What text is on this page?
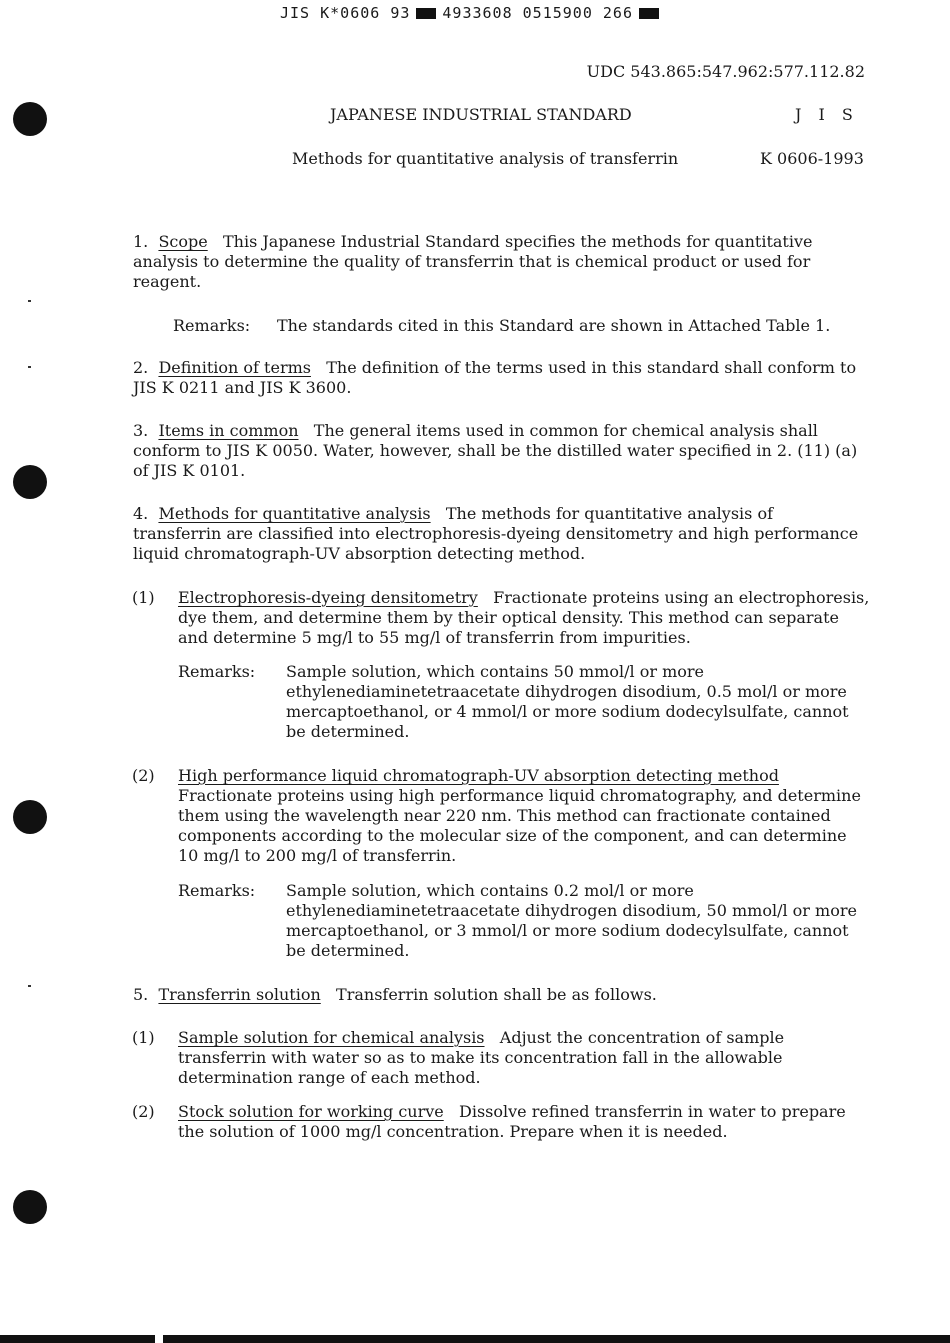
JIS K*0606 93 4933608 0515900 266
UDC 543.865:547.962:577.112.82
JAPANESE INDUSTRIAL STANDARD	J I S
Methods for quantitative analysis of transferrin	K 0606-1993

1. Scope This Japanese Industrial Standard specifies the methods for quantitative analysis to determine the quality of transferrin that is chemical product or used for reagent.

Remarks: The standards cited in this Standard are shown in Attached Table 1.

2. Definition of terms The definition of the terms used in this standard shall conform to JIS K 0211 and JIS K 3600.

3. Items in common The general items used in common for chemical analysis shall conform to JIS K 0050. Water, however, shall be the distilled water specified in 2. (11) (a) of JIS K 0101.

4. Methods for quantitative analysis The methods for quantitative analysis of transferrin are classified into electrophoresis-dyeing densitometry and high performance liquid chromatograph-UV absorption detecting method.

(1) Electrophoresis-dyeing densitometry Fractionate proteins using an electrophoresis, dye them, and determine them by their optical density. This method can separate and determine 5 mg/l to 55 mg/l of transferrin from impurities.
Remarks: Sample solution, which contains 50 mmol/l or more ethylenediaminetetraacetate dihydrogen disodium, 0.5 mol/l or more mercaptoethanol, or 4 mmol/l or more sodium dodecylsulfate, cannot be determined.
(2) High performance liquid chromatograph-UV absorption detecting method Fractionate proteins using high performance liquid chromatography, and determine them using the wavelength near 220 nm. This method can fractionate contained components according to the molecular size of the component, and can determine 10 mg/l to 200 mg/l of transferrin.
Remarks: Sample solution, which contains 0.2 mol/l or more ethylenediaminetetraacetate dihydrogen disodium, 50 mmol/l or more mercaptoethanol, or 3 mmol/l or more sodium dodecylsulfate, cannot be determined.

5. Transferrin solution Transferrin solution shall be as follows.

(1) Sample solution for chemical analysis Adjust the concentration of sample transferrin with water so as to make its concentration fall in the allowable determination range of each method.
(2) Stock solution for working curve Dissolve refined transferrin in water to prepare the solution of 1000 mg/l concentration. Prepare when it is needed.
